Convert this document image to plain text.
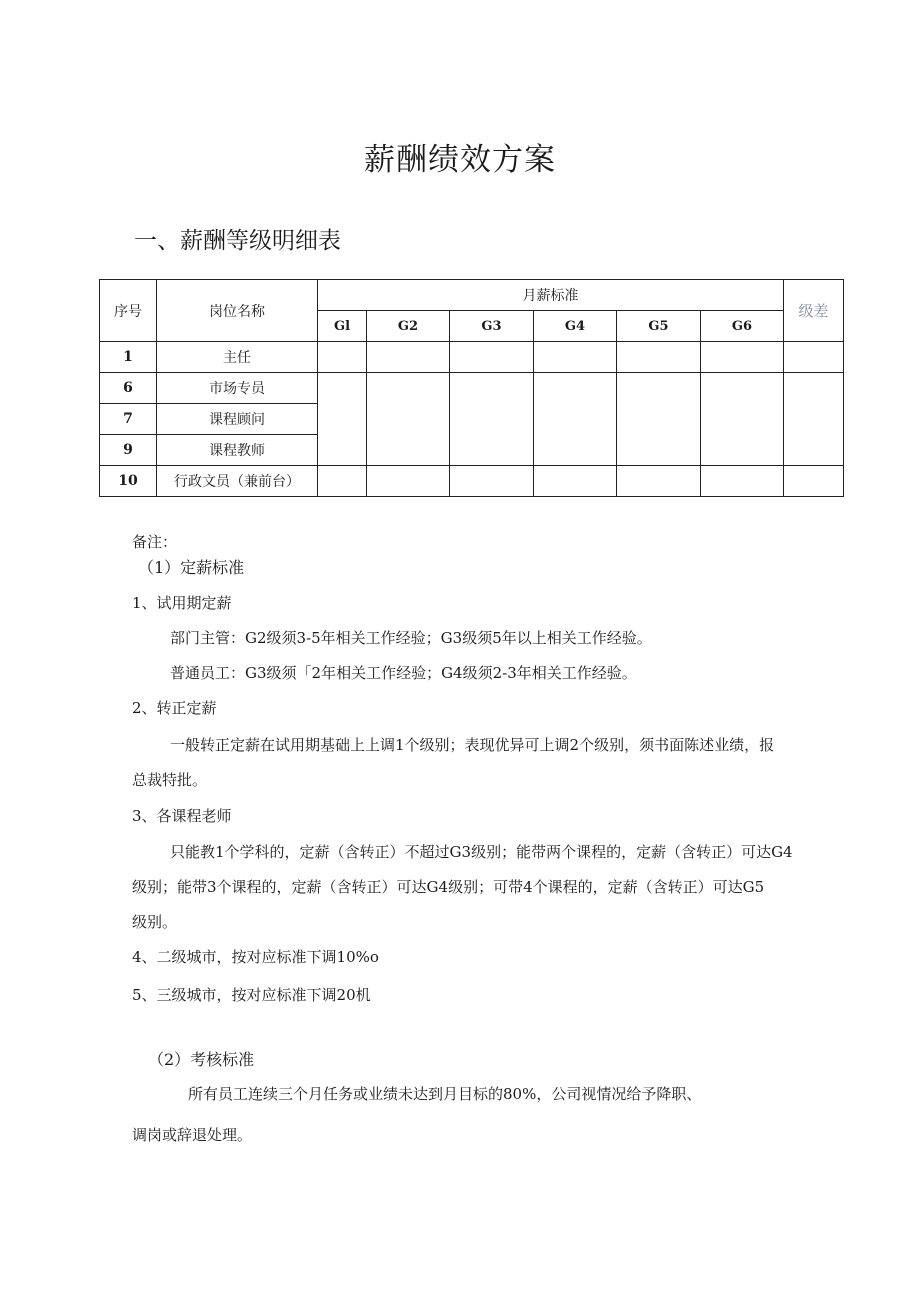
薪酬绩效方案
一、薪酬等级明细表
序号	岗位名称	月薪标准						级差
		Gl	G2	G3	G4	G5	G6	
1	主任							
6	市场专员							
7	课程顾问							
9	课程教师							
10	行政文员（兼前台）							
备注：
（1）定薪标准
1、试用期定薪
部门主管：G2级须3-5年相关工作经验；G3级须5年以上相关工作经验。
普通员工：G3级须「2年相关工作经验；G4级须2-3年相关工作经验。
2、转正定薪
一般转正定薪在试用期基础上上调1个级别；表现优异可上调2个级别，须书面陈述业绩，报
总裁特批。
3、各课程老师
只能教1个学科的，定薪（含转正）不超过G3级别；能带两个课程的，定薪（含转正）可达G4
级别；能带3个课程的，定薪（含转正）可达G4级别；可带4个课程的，定薪（含转正）可达G5
级别。
4、二级城市，按对应标准下调10%o
5、三级城市，按对应标准下调20机
（2）考核标准
所有员工连续三个月任务或业绩未达到月目标的80%，公司视情况给予降职、
调岗或辞退处理。
